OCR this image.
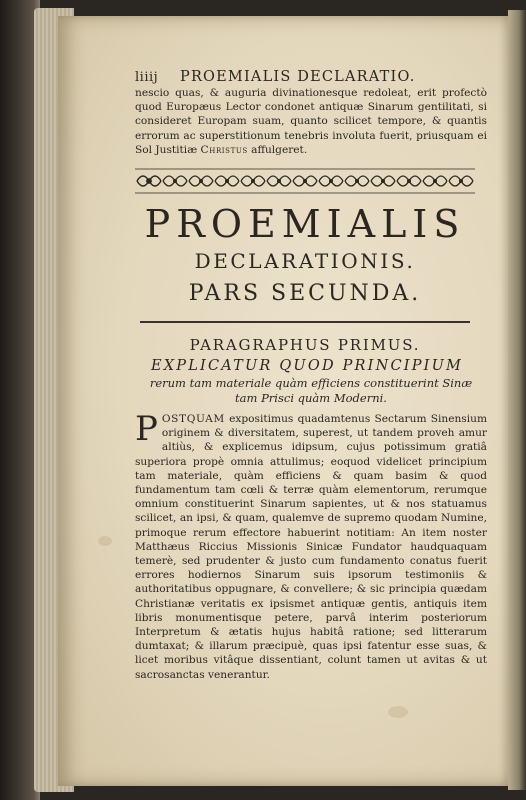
liiij PROEMIALIS DECLARATIO.

nescio quas, & auguria divinationesque redoleat, erit profectò quod Europæus Lector condonet antiquæ Sinarum gentilitati, si consideret Europam suam, quanto scilicet tempore, & quantis errorum ac superstitionum tenebris involuta fuerit, priusquam ei Sol Justitiæ Christus affulgeret.

PROEMIALIS
DECLARATIONIS.
PARS SECUNDA.
PARAGRAPHUS PRIMUS.
EXPLICATUR QUOD PRINCIPIUM
rerum tam materiale quàm efficiens constituerint Sinæ tam Prisci quàm Moderni.

POSTQUAM expositimus quadamtenus Sectarum Sinensium originem & diversitatem, superest, ut tandem proveh amur altiùs, & explicemus idipsum, cujus potissimum gratiâ superiora propè omnia attulimus; eoquod videlicet principium tam materiale, quàm efficiens & quam basim & quod fundamentum tam cœli & terræ quàm elementorum, rerumque omnium constituerint Sinarum sapientes, ut & nos statuamus scilicet, an ipsi, & quam, qualemve de supremo quodam Numine, primoque rerum effectore habuerint notitiam: An item noster Matthæus Riccius Missionis Sinicæ Fundator haudquaquam temerè, sed prudenter & justo cum fundamento conatus fuerit errores hodiernos Sinarum suis ipsorum testimoniis & authoritatibus oppugnare, & convellere; & sic principia quædam Christianæ veritatis ex ipsismet antiquæ gentis, antiquis item libris monumentisque petere, parvâ interim posteriorum Interpretum & ætatis hujus habitâ ratione; sed litterarum dumtaxat; & illarum præcipuè, quas ipsi fatentur esse suas, & licet moribus vitâque dissentiant, colunt tamen ut avitas & ut sacrosanctas venerantur.
